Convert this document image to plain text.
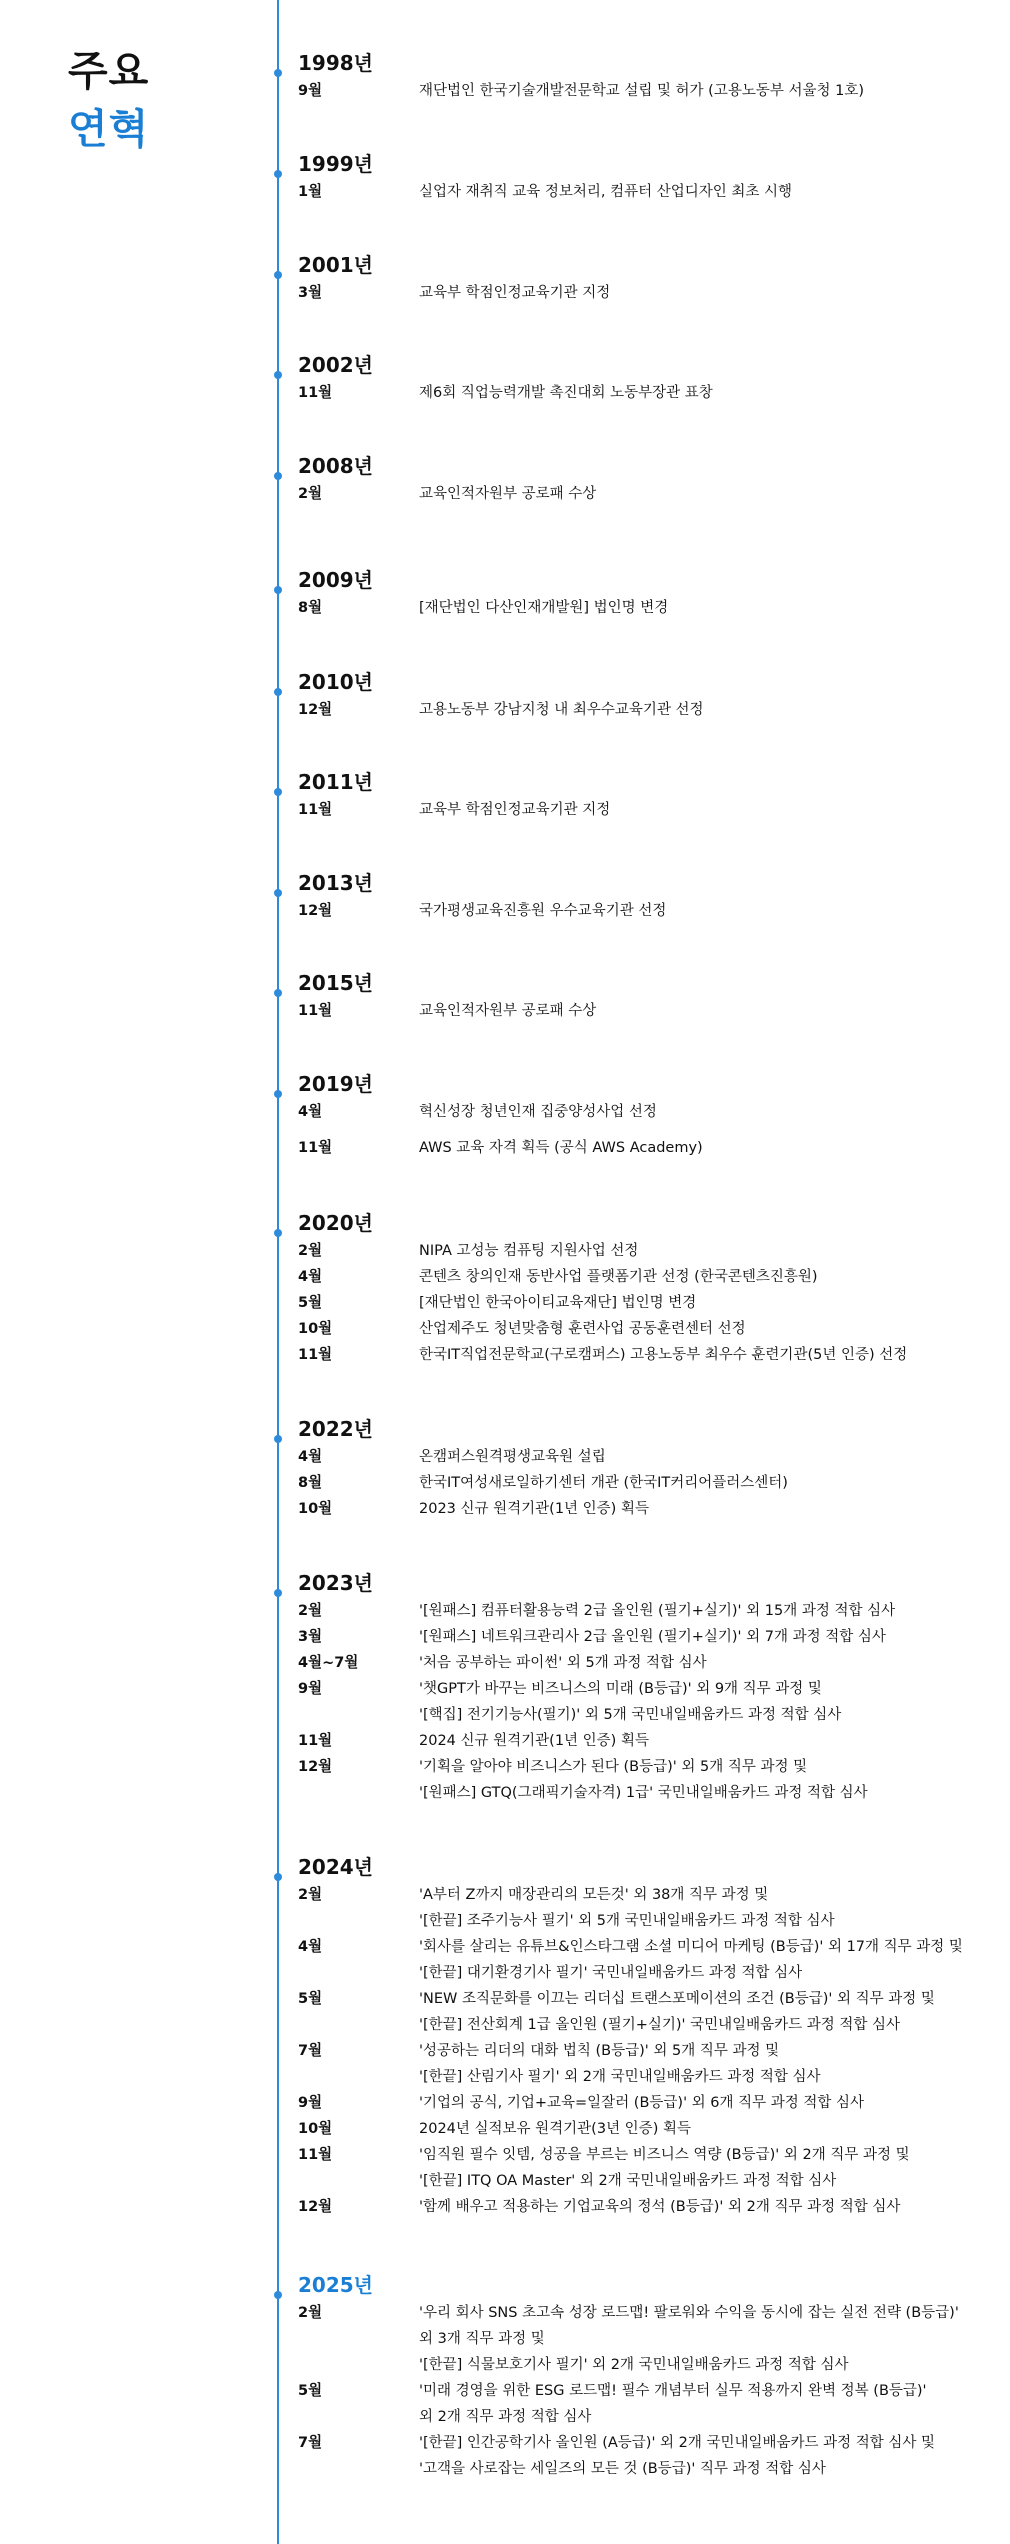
주요
연혁
1998년
9월	재단법인 한국기술개발전문학교 설립 및 허가 (고용노동부 서울청 1호)
1999년
1월	실업자 재취직 교육 정보처리, 컴퓨터 산업디자인 최초 시행
2001년
3월	교육부 학점인정교육기관 지정
2002년
11월	제6회 직업능력개발 촉진대회 노동부장관 표창
2008년
2월	교육인적자원부 공로패 수상
2009년
8월	[재단법인 다산인재개발원] 법인명 변경
2010년
12월	고용노동부 강남지청 내 최우수교육기관 선정
2011년
11월	교육부 학점인정교육기관 지정
2013년
12월	국가평생교육진흥원 우수교육기관 선정
2015년
11월	교육인적자원부 공로패 수상
2019년
4월	혁신성장 청년인재 집중양성사업 선정
11월	AWS 교육 자격 획득 (공식 AWS Academy)
2020년
2월	NIPA 고성능 컴퓨팅 지원사업 선정
4월	콘텐츠 창의인재 동반사업 플랫폼기관 선정 (한국콘텐츠진흥원)
5월	[재단법인 한국아이티교육재단] 법인명 변경
10월	산업제주도 청년맞춤형 훈련사업 공동훈련센터 선정
11월	한국IT직업전문학교(구로캠퍼스) 고용노동부 최우수 훈련기관(5년 인증) 선정
2022년
4월	온캠퍼스원격평생교육원 설립
8월	한국IT여성새로일하기센터 개관 (한국IT커리어플러스센터)
10월	2023 신규 원격기관(1년 인증) 획득
2023년
2월	'[원패스] 컴퓨터활용능력 2급 올인원 (필기+실기)' 외 15개 과정 적합 심사
3월	'[원패스] 네트워크관리사 2급 올인원 (필기+실기)' 외 7개 과정 적합 심사
4월~7월	'처음 공부하는 파이썬' 외 5개 과정 적합 심사
9월	'챗GPT가 바꾸는 비즈니스의 미래 (B등급)' 외 9개 직무 과정 및
'[핵집] 전기기능사(필기)' 외 5개 국민내일배움카드 과정 적합 심사
11월	2024 신규 원격기관(1년 인증) 획득
12월	'기획을 알아야 비즈니스가 된다 (B등급)' 외 5개 직무 과정 및
'[원패스] GTQ(그래픽기술자격) 1급' 국민내일배움카드 과정 적합 심사
2024년
2월	'A부터 Z까지 매장관리의 모든것' 외 38개 직무 과정 및
'[한끝] 조주기능사 필기' 외 5개 국민내일배움카드 과정 적합 심사
4월	'회사를 살리는 유튜브&인스타그램 소셜 미디어 마케팅 (B등급)' 외 17개 직무 과정 및
'[한끝] 대기환경기사 필기' 국민내일배움카드 과정 적합 심사
5월	'NEW 조직문화를 이끄는 리더십 트랜스포메이션의 조건 (B등급)' 외 직무 과정 및
'[한끝] 전산회계 1급 올인원 (필기+실기)' 국민내일배움카드 과정 적합 심사
7월	'성공하는 리더의 대화 법칙 (B등급)' 외 5개 직무 과정 및
'[한끝] 산림기사 필기' 외 2개 국민내일배움카드 과정 적합 심사
9월	'기업의 공식, 기업+교육=일잘러 (B등급)' 외 6개 직무 과정 적합 심사
10월	2024년 실적보유 원격기관(3년 인증) 획득
11월	'임직원 필수 잇템, 성공을 부르는 비즈니스 역량 (B등급)' 외 2개 직무 과정 및
'[한끝] ITQ OA Master' 외 2개 국민내일배움카드 과정 적합 심사
12월	'함께 배우고 적용하는 기업교육의 정석 (B등급)' 외 2개 직무 과정 적합 심사
2025년
2월	'우리 회사 SNS 초고속 성장 로드맵! 팔로워와 수익을 동시에 잡는 실전 전략 (B등급)'
외 3개 직무 과정 및
'[한끝] 식물보호기사 필기' 외 2개 국민내일배움카드 과정 적합 심사
5월	'미래 경영을 위한 ESG 로드맵! 필수 개념부터 실무 적용까지 완벽 정복 (B등급)'
외 2개 직무 과정 적합 심사
7월	'[한끝] 인간공학기사 올인원 (A등급)' 외 2개 국민내일배움카드 과정 적합 심사 및
'고객을 사로잡는 세일즈의 모든 것 (B등급)' 직무 과정 적합 심사
